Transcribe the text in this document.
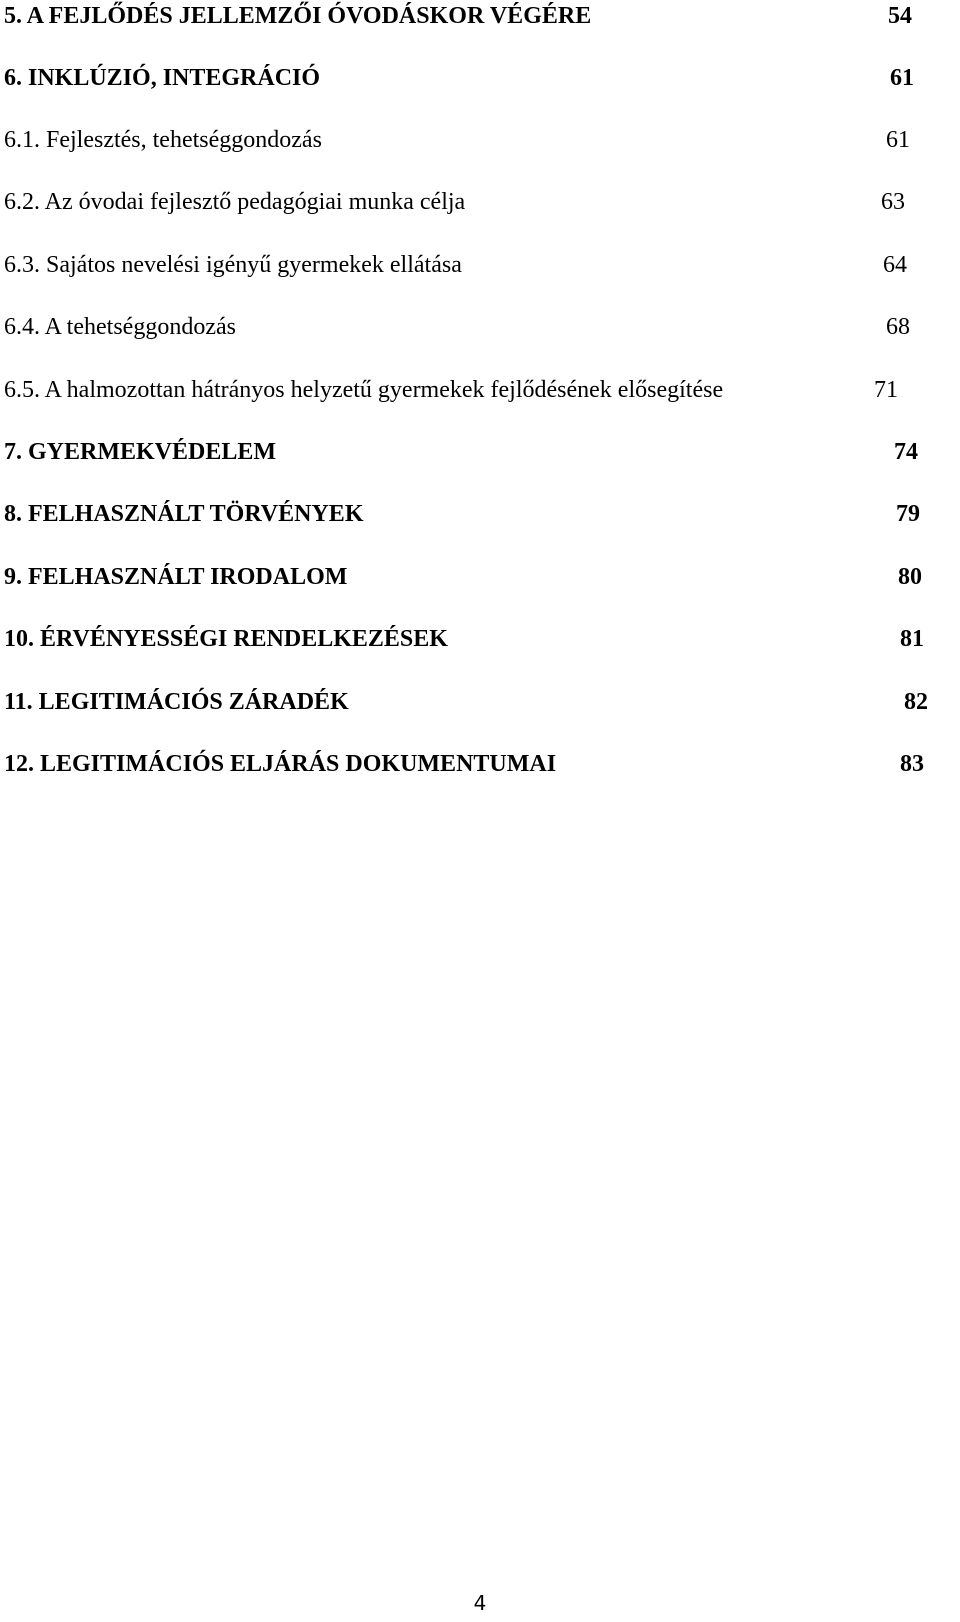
5. A FEJLŐDÉS JELLEMZŐI ÓVODÁSKOR VÉGÉRE	54
6. INKLÚZIÓ, INTEGRÁCIÓ	61
6.1. Fejlesztés, tehetséggondozás	61
6.2. Az óvodai fejlesztő pedagógiai munka célja	63
6.3. Sajátos nevelési igényű gyermekek ellátása	64
6.4. A tehetséggondozás	68
6.5. A halmozottan hátrányos helyzetű gyermekek fejlődésének elősegítése	71
7. GYERMEKVÉDELEM	74
8. FELHASZNÁLT TÖRVÉNYEK	79
9. FELHASZNÁLT IRODALOM	80
10. ÉRVÉNYESSÉGI RENDELKEZÉSEK	81
11. LEGITIMÁCIÓS ZÁRADÉK	82
12. LEGITIMÁCIÓS ELJÁRÁS DOKUMENTUMAI	83
4
